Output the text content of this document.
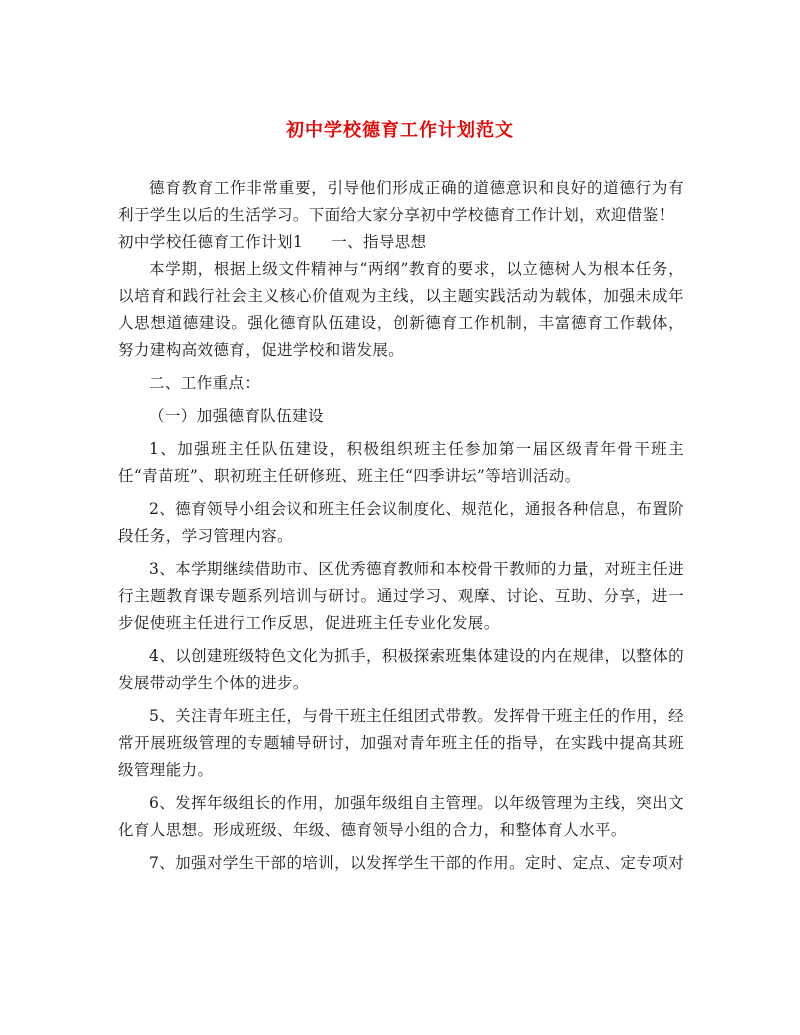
初中学校德育工作计划范文

德育教育工作非常重要，引导他们形成正确的道德意识和良好的道德行为有利于学生以后的生活学习。下面给大家分享初中学校德育工作计划，欢迎借鉴！

初中学校任德育工作计划1 一、指导思想

本学期，根据上级文件精神与“两纲”教育的要求，以立德树人为根本任务，以培育和践行社会主义核心价值观为主线，以主题实践活动为载体，加强未成年人思想道德建设。强化德育队伍建设，创新德育工作机制，丰富德育工作载体，努力建构高效德育，促进学校和谐发展。

二、工作重点：

（一）加强德育队伍建设

1、加强班主任队伍建设，积极组织班主任参加第一届区级青年骨干班主任“青苗班”、职初班主任研修班、班主任“四季讲坛”等培训活动。

2、德育领导小组会议和班主任会议制度化、规范化，通报各种信息，布置阶段任务，学习管理内容。

3、本学期继续借助市、区优秀德育教师和本校骨干教师的力量，对班主任进行主题教育课专题系列培训与研讨。通过学习、观摩、讨论、互助、分享，进一步促使班主任进行工作反思，促进班主任专业化发展。

4、以创建班级特色文化为抓手，积极探索班集体建设的内在规律，以整体的发展带动学生个体的进步。

5、关注青年班主任，与骨干班主任组团式带教。发挥骨干班主任的作用，经常开展班级管理的专题辅导研讨，加强对青年班主任的指导，在实践中提高其班级管理能力。

6、发挥年级组长的作用，加强年级组自主管理。以年级管理为主线，突出文化育人思想。形成班级、年级、德育领导小组的合力，和整体育人水平。

7、加强对学生干部的培训，以发挥学生干部的作用。定时、定点、定专项对
